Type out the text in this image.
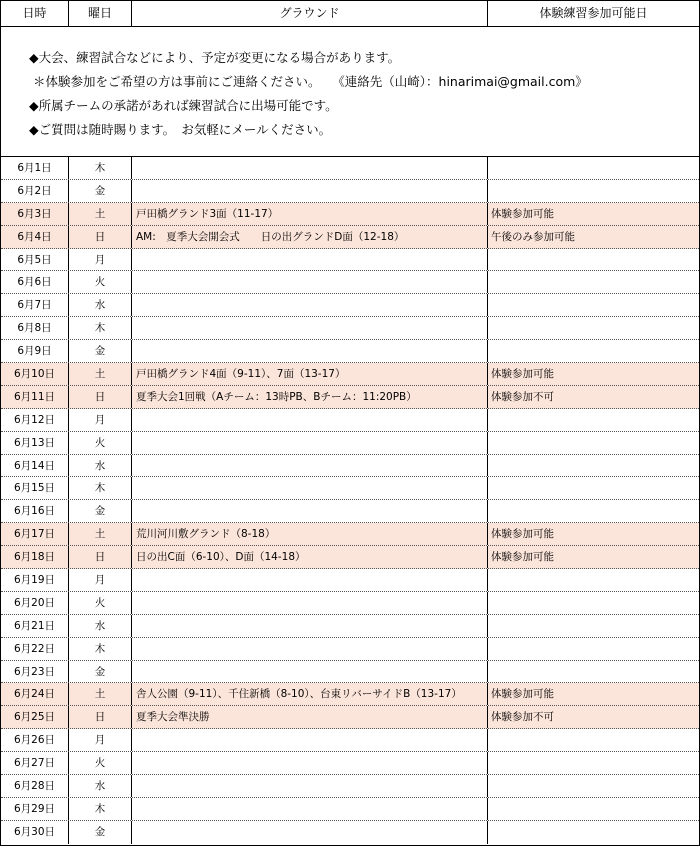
日時	曜日	グラウンド	体験練習参加可能日
◆大会、練習試合などにより、予定が変更になる場合があります。
＊体験参加をご希望の方は事前にご連絡ください。 《連絡先（山崎）：hinarimai@gmail.com》
◆所属チームの承諾があれば練習試合に出場可能です。
◆ご質問は随時賜ります。　お気軽にメールください。
6月1日	木
6月2日	金
6月3日	土	戸田橋グランド3面（11-17）	体験参加可能
6月4日	日	AM:　夏季大会開会式　　日の出グランドD面（12-18）	午後のみ参加可能
6月5日	月
6月6日	火
6月7日	水
6月8日	木
6月9日	金
6月10日	土	戸田橋グランド4面（9-11）、7面（13-17）	体験参加可能
6月11日	日	夏季大会1回戦（Aチーム：13時PB、Bチーム：11:20PB）	体験参加不可
6月12日	月
6月13日	火
6月14日	水
6月15日	木
6月16日	金
6月17日	土	荒川河川敷グランド（8-18）	体験参加可能
6月18日	日	日の出C面（6-10）、D面（14-18）	体験参加可能
6月19日	月
6月20日	火
6月21日	水
6月22日	木
6月23日	金
6月24日	土	舎人公園（9-11）、千住新橋（8-10）、台東リバーサイドB（13-17）	体験参加可能
6月25日	日	夏季大会準決勝	体験参加不可
6月26日	月
6月27日	火
6月28日	水
6月29日	木
6月30日	金
